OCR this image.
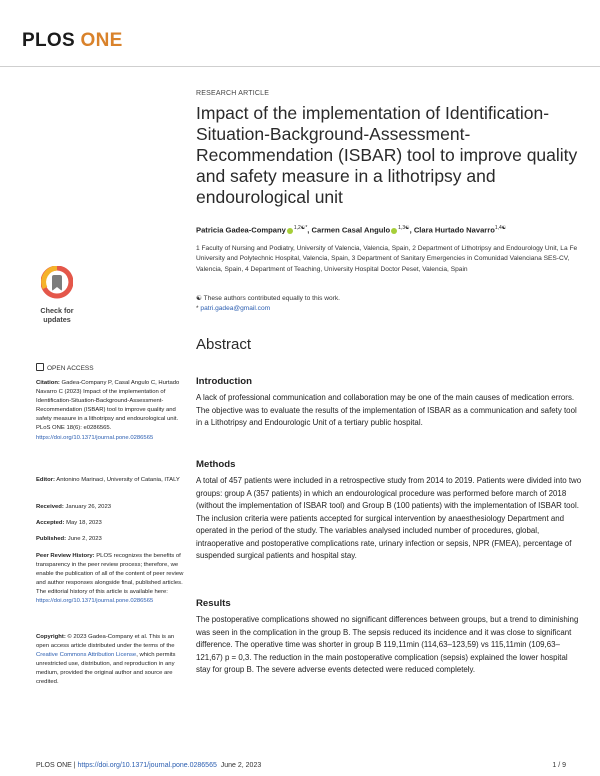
PLOS ONE
RESEARCH ARTICLE
Impact of the implementation of Identification-Situation-Background-Assessment-Recommendation (ISBAR) tool to improve quality and safety measure in a lithotripsy and endourological unit
Patricia Gadea-Company $^{1,2☯*}$, Carmen Casal Angulo $^{1,3☯}$, Clara Hurtado Navarro$^{1,4☯}$
1 Faculty of Nursing and Podiatry, University of Valencia, Valencia, Spain, 2 Department of Lithotripsy and Endourology Unit, La Fe University and Polytechnic Hospital, Valencia, Spain, 3 Department of Sanitary Emergencies in Comunidad Valenciana SES-CV, Valencia, Spain, 4 Department of Teaching, University Hospital Doctor Peset, Valencia, Spain
☯ These authors contributed equally to this work.
* patri.gadea@gmail.com
Check for updates
OPEN ACCESS
Citation: Gadea-Company P, Casal Angulo C, Hurtado Navarro C (2023) Impact of the implementation of Identification-Situation-Background-Assessment-Recommendation (ISBAR) tool to improve quality and safety measure in a lithotripsy and endourological unit. PLoS ONE 18(6): e0286565. https://doi.org/10.1371/journal.pone.0286565
Editor: Antonino Marinaci, University of Catania, ITALY
Received: January 26, 2023
Accepted: May 18, 2023
Published: June 2, 2023
Peer Review History: PLOS recognizes the benefits of transparency in the peer review process; therefore, we enable the publication of all of the content of peer review and author responses alongside final, published articles. The editorial history of this article is available here: https://doi.org/10.1371/journal.pone.0286565
Copyright: © 2023 Gadea-Company et al. This is an open access article distributed under the terms of the Creative Commons Attribution License, which permits unrestricted use, distribution, and reproduction in any medium, provided the original author and source are credited.
Abstract
Introduction
A lack of professional communication and collaboration may be one of the main causes of medication errors. The objective was to evaluate the results of the implementation of ISBAR as a communication and safety tool in a Lithotripsy and Endourologic Unit of a tertiary public hospital.
Methods
A total of 457 patients were included in a retrospective study from 2014 to 2019. Patients were divided into two groups: group A (357 patients) in which an endourological procedure was performed before march of 2018 (without the implementation of ISBAR tool) and Group B (100 patients) with the implementation of ISBAR tool. The inclusion criteria were patients accepted for surgical intervention by anaesthesiology Department and operated in the period of the study. The variables analysed included number of procedures, global, intraoperative and postoperative complications rate, urinary infection or sepsis, NPR (FMEA), percentage of suspended surgical patients and hospital stay.
Results
The postoperative complications showed no significant differences between groups, but a trend to diminishing was seen in the complication in the group B. The sepsis reduced its incidence and it was close to significant difference. The operative time was shorter in group B 119,11min (114,63–123,59) vs 115,11min (109,63–121,67) p = 0,3. The reduction in the main postoperative complication (sepsis) explained the lower hospital stay for group B. The severe adverse events detected were reduced completely.
PLOS ONE | https://doi.org/10.1371/journal.pone.0286565 June 2, 2023	1 / 9
